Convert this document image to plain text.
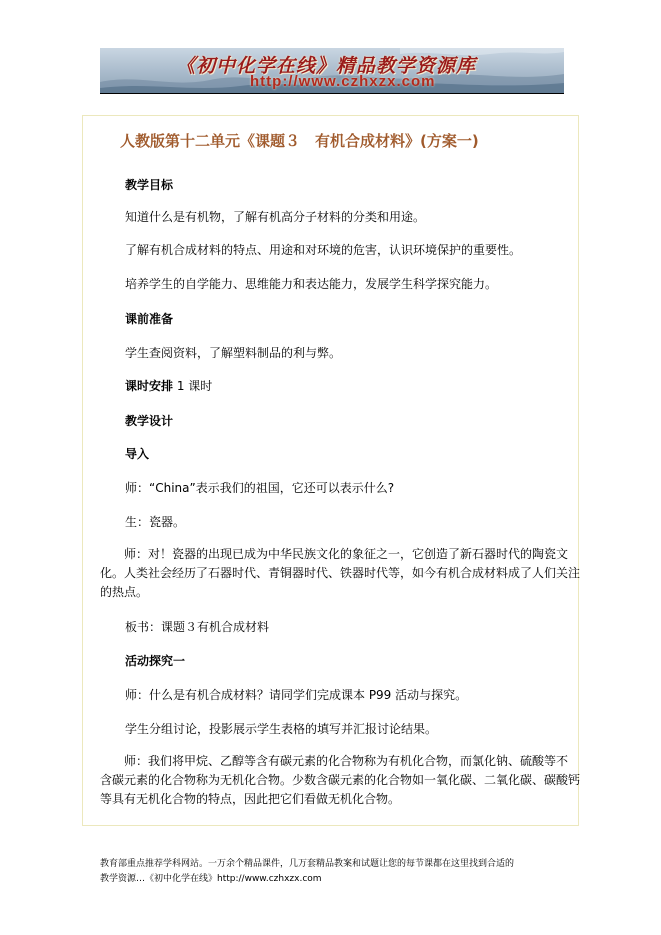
《初中化学在线》精品教学资源库
http://www.czhxzx.com
人教版第十二单元《课题３　有机合成材料》(方案一)

教学目标

知道什么是有机物，了解有机高分子材料的分类和用途。

了解有机合成材料的特点、用途和对环境的危害，认识环境保护的重要性。

培养学生的自学能力、思维能力和表达能力，发展学生科学探究能力。

课前准备

学生查阅资料，了解塑料制品的利与弊。

课时安排 1 课时

教学设计

导入

师：“China”表示我们的祖国，它还可以表示什么?

生：瓷器。

师：对！瓷器的出现已成为中华民族文化的象征之一，它创造了新石器时代的陶瓷文
化。人类社会经历了石器时代、青铜器时代、铁器时代等，如今有机合成材料成了人们关注
的热点。

板书：课题３有机合成材料

活动探究一

师：什么是有机合成材料？请同学们完成课本 P99 活动与探究。

学生分组讨论，投影展示学生表格的填写并汇报讨论结果。

师：我们将甲烷、乙醇等含有碳元素的化合物称为有机化合物，而氯化钠、硫酸等不
含碳元素的化合物称为无机化合物。少数含碳元素的化合物如一氧化碳、二氧化碳、碳酸钙
等具有无机化合物的特点，因此把它们看做无机化合物。
教育部重点推荐学科网站。一万余个精品课件，几万套精品教案和试题让您的每节课都在这里找到合适的
教学资源…《初中化学在线》http://www.czhxzx.com
